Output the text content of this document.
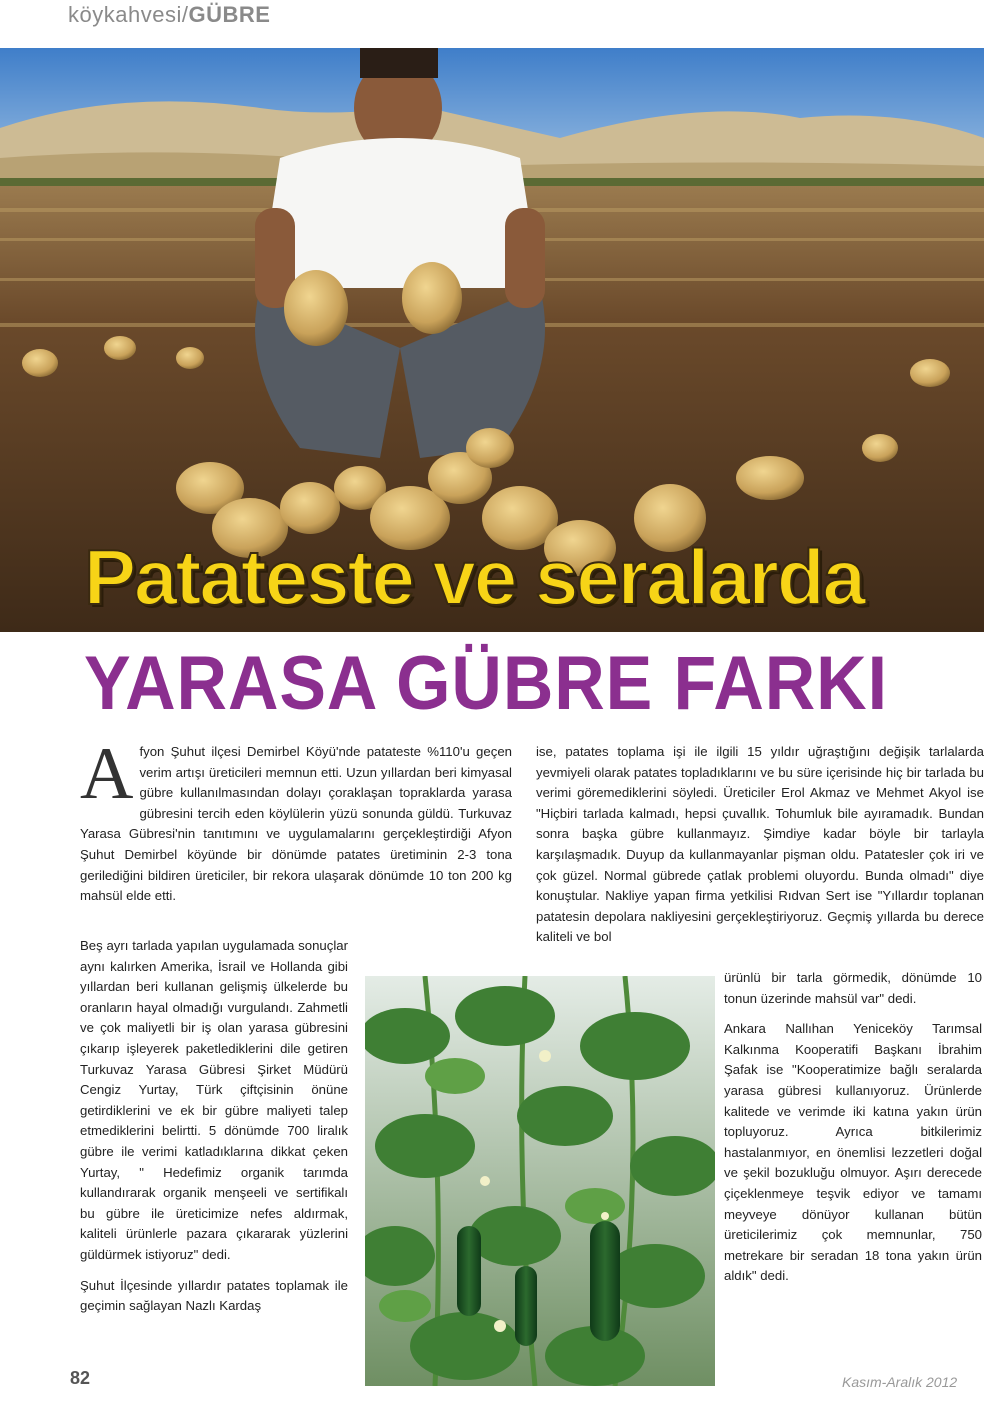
köykahvesi/GÜBRE
Patateste ve seralarda
YARASA GÜBRE FARKI

Afyon Şuhut ilçesi Demirbel Köyü'nde patateste %110'u geçen verim artışı üreticileri memnun etti. Uzun yıllardan beri kimyasal gübre kullanılmasından dolayı çoraklaşan topraklarda yarasa gübresini tercih eden köylülerin yüzü sonunda güldü. Turkuvaz Yarasa Gübresi'nin tanıtımını ve uygulamalarını gerçekleştirdiği Afyon Şuhut Demirbel köyünde bir dönümde patates üretiminin 2-3 tona gerilediğini bildiren üreticiler, bir rekora ulaşarak dönümde 10 ton 200 kg mahsül elde etti.

Beş ayrı tarlada yapılan uygulamada sonuçlar aynı kalırken Amerika, İsrail ve Hollanda gibi yıllardan beri kullanan gelişmiş ülkelerde bu oranların hayal olmadığı vurgulandı. Zahmetli ve çok maliyetli bir iş olan yarasa gübresini çıkarıp işleyerek paketlediklerini dile getiren Turkuvaz Yarasa Gübresi Şirket Müdürü Cengiz Yurtay, Türk çiftçisinin önüne getirdiklerini ve ek bir gübre maliyeti talep etmediklerini belirtti. 5 dönümde 700 liralık gübre ile verimi katladıklarına dikkat çeken Yurtay, " Hedefimiz organik tarımda kullandırarak organik menşeeli ve sertifikalı bu gübre ile üreticimize nefes aldırmak, kaliteli ürünlerle pazara çıkararak yüzlerini güldürmek istiyoruz" dedi.

Şuhut İlçesinde yıllardır patates toplamak ile geçimin sağlayan Nazlı Kardaş

ise, patates toplama işi ile ilgili 15 yıldır uğraştığını değişik tarlalarda yevmiyeli olarak patates topladıklarını ve bu süre içerisinde hiç bir tarlada bu verimi göremediklerini söyledi. Üreticiler Erol Akmaz ve Mehmet Akyol ise "Hiçbiri tarlada kalmadı, hepsi çuvallık. Tohumluk bile ayıramadık. Bundan sonra başka gübre kullanmayız. Şimdiye kadar böyle bir tarlayla karşılaşmadık. Duyup da kullanmayanlar pişman oldu. Patatesler çok iri ve çok güzel. Normal gübrede çatlak problemi oluyordu. Bunda olmadı" diye konuştular. Nakliye yapan firma yetkilisi Rıdvan Sert ise "Yıllardır toplanan patatesin depolara nakliyesini gerçekleştiriyoruz. Geçmiş yıllarda bu derece kaliteli ve bol

ürünlü bir tarla görmedik, dönümde 10 tonun üzerinde mahsül var" dedi.

Ankara Nallıhan Yeniceköy Tarımsal Kalkınma Kooperatifi Başkanı İbrahim Şafak ise "Kooperatimize bağlı seralarda yarasa gübresi kullanıyoruz. Ürünlerde kalitede ve verimde iki katına yakın ürün topluyoruz. Ayrıca bitkilerimiz hastalanmıyor, en önemlisi lezzetleri doğal ve şekil bozukluğu olmuyor. Aşırı derecede çiçeklenmeye teşvik ediyor ve tamamı meyveye dönüyor kullanan bütün üreticilerimiz çok memnunlar, 750 metrekare bir seradan 18 tona yakın ürün aldık" dedi.

82	Kasım-Aralık 2012
